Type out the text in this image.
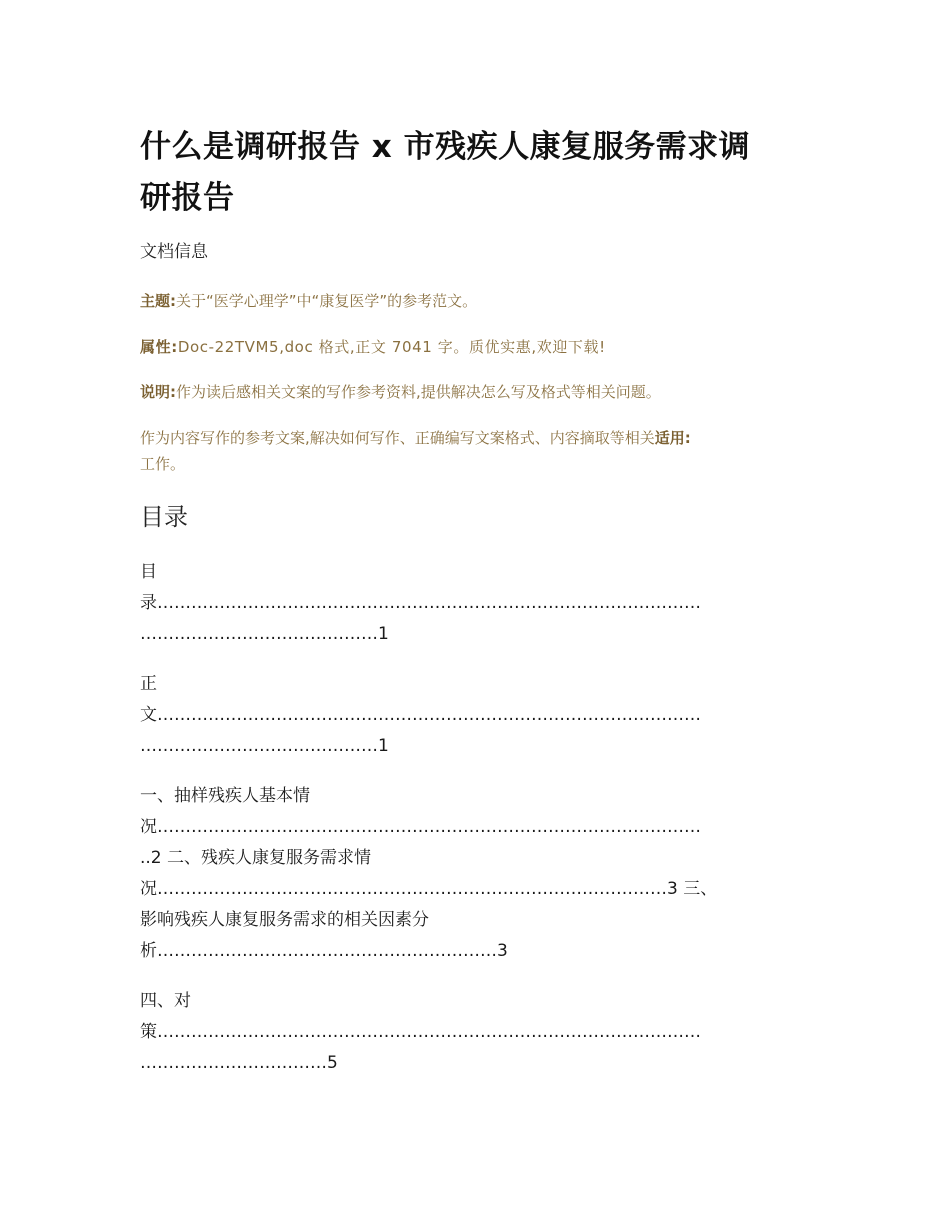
什么是调研报告 x 市残疾人康复服务需求调
研报告
文档信息
主题:关于“医学心理学”中“康复医学”的参考范文。
属性:Doc-22TVM5,doc 格式,正文 7041 字。质优实惠,欢迎下载!
说明:作为读后感相关文案的写作参考资料,提供解决怎么写及格式等相关问题。
作为内容写作的参考文案,解决如何写作、正确编写文案格式、内容摘取等相关适用:
工作。
目录
目
录……………………………………………………………………………………
……………………………………1
正
文……………………………………………………………………………………
……………………………………1
一、抽样残疾人基本情
况……………………………………………………………………………………
..2 二、残疾人康复服务需求情
况………………………………………………………………………………3 三、
影响残疾人康复服务需求的相关因素分
析……………………………………………………3
四、对
策……………………………………………………………………………………
……………………………5
